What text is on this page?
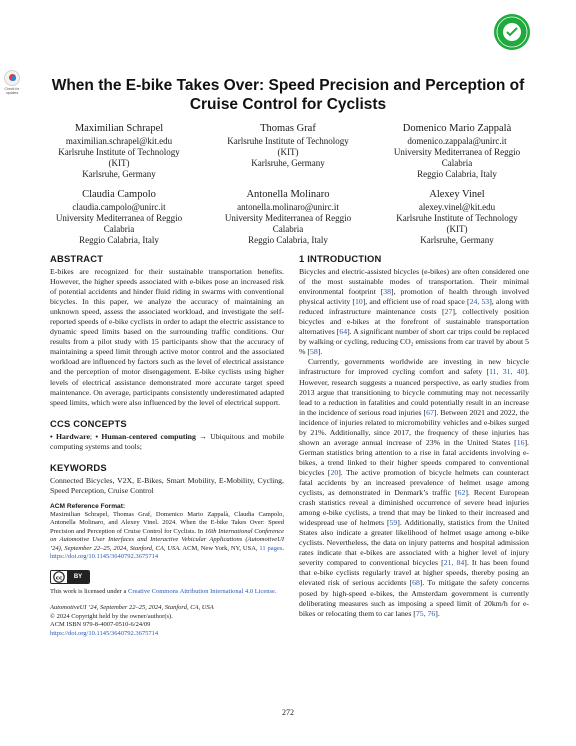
Check for updates	When the E-bike Takes Over: Speed Precision and Perception of Cruise Control for Cyclists
Maximilian Schrapel
maximilian.schrapel@kit.edu
Karlsruhe Institute of Technology
(KIT)
Karlsruhe, Germany
Thomas Graf
Karlsruhe Institute of Technology
(KIT)
Karlsruhe, Germany
Domenico Mario Zappalà
domenico.zappala@unirc.it
University Mediterranea of Reggio
Calabria
Reggio Calabria, Italy
Claudia Campolo
claudia.campolo@unirc.it
University Mediterranea of Reggio
Calabria
Reggio Calabria, Italy
Antonella Molinaro
antonella.molinaro@unirc.it
University Mediterranea of Reggio
Calabria
Reggio Calabria, Italy
Alexey Vinel
alexey.vinel@kit.edu
Karlsruhe Institute of Technology
(KIT)
Karlsruhe, Germany
ABSTRACT

E-bikes are recognized for their sustainable transportation benefits. However, the higher speeds associated with e-bikes pose an increased risk of potential accidents and hinder fluid riding in swarms with conventional bicycles. In this paper, we analyze the accuracy of maintaining an unknown speed, assess the associated workload, and investigate the self-reported speeds of e-bike cyclists in order to adapt the electric assistance to dynamic speed limits based on the surrounding traffic conditions. Our results from a pilot study with 15 participants show that the accuracy of maintaining a speed limit through active motor control and the associated workload are influenced by factors such as the level of electrical assistance and the perception of motor disengagement. E-bike cyclists using higher levels of electrical assistance demonstrated more accurate target speed maintenance. On average, participants consistently underestimated adapted speed limits, which were also influenced by the level of electrical support.

CCS CONCEPTS

• Hardware; • Human-centered computing → Ubiquitous and mobile computing systems and tools;

KEYWORDS

Connected Bicycles, V2X, E-Bikes, Smart Mobility, E-Mobility, Cycling, Speed Perception, Cruise Control

ACM Reference Format:

Maximilian Schrapel, Thomas Graf, Domenico Mario Zappalà, Claudia Campolo, Antonella Molinaro, and Alexey Vinel. 2024. When the E-bike Takes Over: Speed Precision and Perception of Cruise Control for Cyclists. In 16th International Conference on Automotive User Interfaces and Interactive Vehicular Applications (AutomotiveUI ’24), September 22–25, 2024, Stanford, CA, USA. ACM, New York, NY, USA, 11 pages. https://doi.org/10.1145/3640792.3675714

cc	BY

This work is licensed under a Creative Commons Attribution International 4.0 License.

AutomotiveUI ’24, September 22–25, 2024, Stanford, CA, USA
© 2024 Copyright held by the owner/author(s).
ACM ISBN 979-8-4007-0510-6/24/09
https://doi.org/10.1145/3640792.3675714
1 INTRODUCTION

Bicycles and electric-assisted bicycles (e-bikes) are often considered one of the most sustainable modes of transportation. Their minimal environmental footprint [38], promotion of health through involved physical activity [10], and efficient use of road space [24, 53], along with reduced infrastructure maintenance costs [27], collectively position bicycles and e-bikes at the forefront of sustainable transportation alternatives [64]. A significant number of short car trips could be replaced by walking or cycling, reducing CO₂ emissions from car travel by about 5 % [58].

Currently, governments worldwide are investing in new bicycle infrastructure for improved cycling comfort and safety [11, 31, 40]. However, research suggests a nuanced perspective, as early studies from 2013 argue that transitioning to bicycle commuting may not necessarily lead to a reduction in fatalities and could potentially result in an increase in the incidence of serious road injuries [67]. Between 2021 and 2022, the incidence of injuries related to micromobility vehicles and e-bikes surged by 21%. Additionally, since 2017, the frequency of these injuries has shown an average annual increase of 23% in the United States [16]. German statistics bring attention to a rise in fatal accidents involving e-bikes, a trend linked to their higher speeds compared to conventional bicycles [20]. The active promotion of bicycle helmets can counteract fatal accidents by an increased prevalence of helmet usage among cyclists, as demonstrated in Denmark’s traffic [62]. Recent European crash statistics reveal a diminished occurrence of severe head injuries among e-bike cyclists, a trend that may be linked to their increased and widespread use of helmets [59]. Additionally, statistics from the United States also indicate a greater likelihood of helmet usage among e-bike cyclists. Nevertheless, the data on injury patterns and hospital admission rates indicate that e-bikes are associated with a higher level of injury severity compared to conventional bicycles [21, 84]. It has been found that e-bike cyclists regularly travel at higher speeds, thereby posing an elevated risk of serious accidents [68]. To mitigate the safety concerns posed by high-speed e-bikes, the Amsterdam government is currently deliberating measures such as imposing a speed limit of 20km/h for e-bikes or relocating them to car lanes [75, 76].

272
